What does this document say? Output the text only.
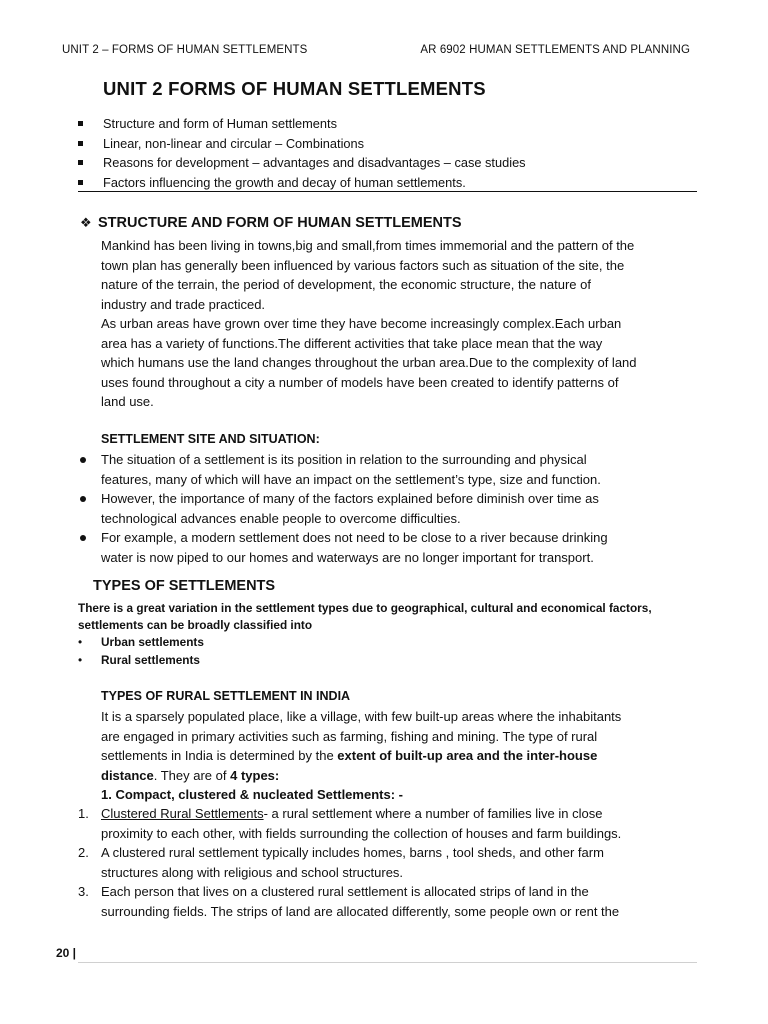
UNIT 2 – FORMS OF HUMAN SETTLEMENTS	AR 6902 HUMAN SETTLEMENTS AND PLANNING
UNIT 2 FORMS OF HUMAN SETTLEMENTS
Structure and form of Human settlements
Linear, non-linear and circular – Combinations
Reasons for development – advantages and disadvantages – case studies
Factors influencing the growth and decay of human settlements.
❖ STRUCTURE AND FORM OF HUMAN SETTLEMENTS
Mankind has been living in towns,big and small,from times immemorial and the pattern of the
town plan has generally been influenced by various factors such as situation of the site, the
nature of the terrain, the period of development, the economic structure, the nature of
industry and trade practiced.
As urban areas have grown over time they have become increasingly complex.Each urban
area has a variety of functions.The different activities that take place mean that the way
which humans use the land changes throughout the urban area.Due to the complexity of land
uses found throughout a city a number of models have been created to identify patterns of
land use.
SETTLEMENT SITE AND SITUATION:
The situation of a settlement is its position in relation to the surrounding and physical
features, many of which will have an impact on the settlement’s type, size and function.
However, the importance of many of the factors explained before diminish over time as
technological advances enable people to overcome difficulties.
For example, a modern settlement does not need to be close to a river because drinking
water is now piped to our homes and waterways are no longer important for transport.
TYPES OF SETTLEMENTS
There is a great variation in the settlement types due to geographical, cultural and economical factors,
settlements can be broadly classified into
• Urban settlements
• Rural settlements
TYPES OF RURAL SETTLEMENT IN INDIA
It is a sparsely populated place, like a village, with few built-up areas where the inhabitants
are engaged in primary activities such as farming, fishing and mining. The type of rural
settlements in India is determined by the extent of built-up area and the inter-house
distance. They are of 4 types:
1. Compact, clustered & nucleated Settlements: -
1. Clustered Rural Settlements- a rural settlement where a number of families live in close
proximity to each other, with fields surrounding the collection of houses and farm buildings.
2. A clustered rural settlement typically includes homes, barns , tool sheds, and other farm
structures along with religious and school structures.
3. Each person that lives on a clustered rural settlement is allocated strips of land in the
surrounding fields. The strips of land are allocated differently, some people own or rent the
20 |
